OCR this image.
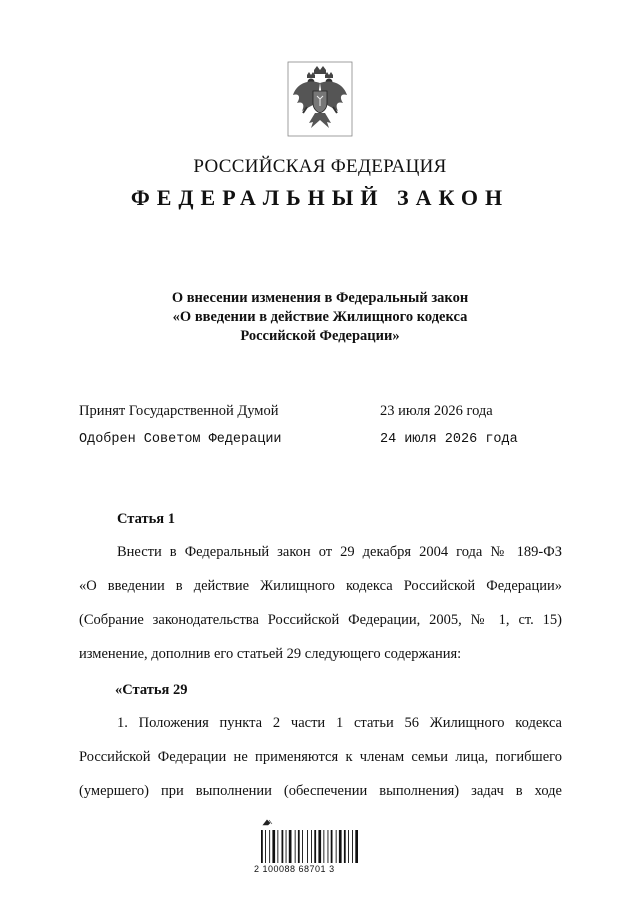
РОССИЙСКАЯ ФЕДЕРАЦИЯ
ФЕДЕРАЛЬНЫЙ ЗАКОН
О внесении изменения в Федеральный закон
«О введении в действие Жилищного кодекса
Российской Федерации»
Принят Государственной Думой	23 июля 2026 года
Одобрен Советом Федерации	24 июля 2026 года
Статья 1
Внести в Федеральный закон от 29 декабря 2004 года № 189-ФЗ
«О введении в действие Жилищного кодекса Российской Федерации»
(Собрание законодательства Российской Федерации, 2005, № 1, ст. 15)
изменение, дополнив его статьей 29 следующего содержания:
«Статья 29
1. Положения пункта 2 части 1 статьи 56 Жилищного кодекса
Российской Федерации не применяются к членам семьи лица, погибшего
(умершего) при выполнении (обеспечении выполнения) задач в ходе
2 100088 68701 3
